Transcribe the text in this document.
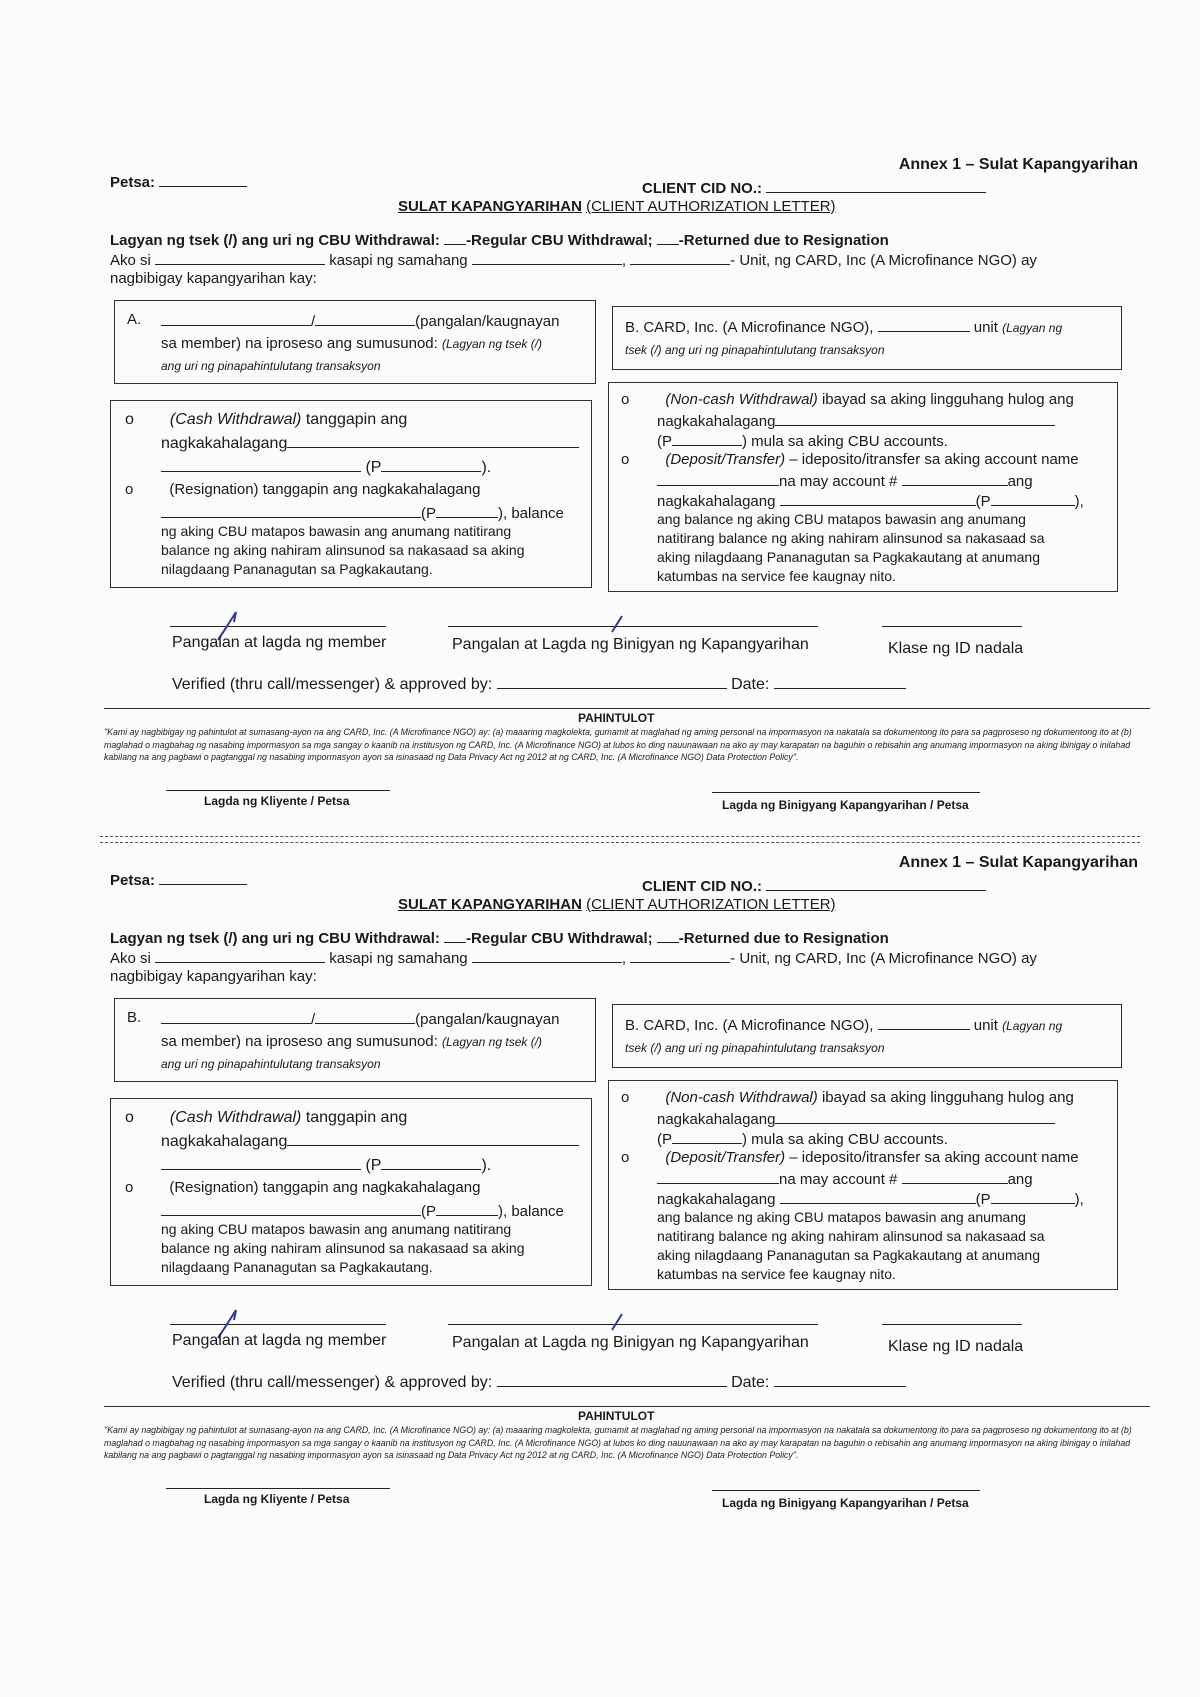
Annex 1 – Sulat Kapangyarihan
Petsa:	CLIENT CID NO.:
SULAT KAPANGYARIHAN (CLIENT AUTHORIZATION LETTER)
Lagyan ng tsek (/) ang uri ng CBU Withdrawal: -Regular CBU Withdrawal; -Returned due to Resignation
Ako si	kasapi ng samahang	,	- Unit, ng CARD, Inc (A Microfinance NGO) ay
nagbibigay kapangyarihan kay:
A.	/	(pangalan/kaugnayan
sa member) na iproseso ang sumusunod: (Lagyan ng tsek (/)
ang uri ng pinapahintulutang transaksyon
B. CARD, Inc. (A Microfinance NGO),	unit (Lagyan ng
tsek (/) ang uri ng pinapahintulutang transaksyon
o (Cash Withdrawal) tanggapin ang
nagkakahalagang
(P	).
o (Resignation) tanggapin ang nagkakahalagang
(P	), balance
ng aking CBU matapos bawasin ang anumang natitirang
balance ng aking nahiram alinsunod sa nakasaad sa aking
nilagdaang Pananagutan sa Pagkakautang.
o (Non-cash Withdrawal) ibayad sa aking lingguhang hulog ang
nagkakahalagang
(P	) mula sa aking CBU accounts.
o (Deposit/Transfer) – ideposito/itransfer sa aking account name
na may account #	ang
nagkakahalagang	(P	),
ang balance ng aking CBU matapos bawasin ang anumang
natitirang balance ng aking nahiram alinsunod sa nakasaad sa
aking nilagdaang Pananagutan sa Pagkakautang at anumang
katumbas na service fee kaugnay nito.
Pangalan at lagda ng member	Pangalan at Lagda ng Binigyan ng Kapangyarihan	Klase ng ID nadala
Verified (thru call/messenger) & approved by:	Date:
PAHINTULOT
"Kami ay nagbibigay ng pahintulot at sumasang-ayon na ang CARD, Inc. (A Microfinance NGO) ay: (a) maaaring magkolekta, gumamit at maglahad ng aming personal na impormasyon na nakatala sa dokumentong ito para sa pagproseso ng dokumentong ito at (b) maglahad o magbahag ng nasabing impormasyon sa mga sangay o kaanib na institusyon ng CARD, Inc. (A Microfinance NGO) at lubos ko ding nauunawaan na ako ay may karapatan na baguhin o rebisahin ang anumang impormasyon na aking ibinigay o inilahad kabilang na ang pagbawi o pagtanggal ng nasabing impormasyon ayon sa isinasaad ng Data Privacy Act ng 2012 at ng CARD, Inc. (A Microfinance NGO) Data Protection Policy".
Lagda ng Kliyente / Petsa	Lagda ng Binigyang Kapangyarihan / Petsa
Annex 1 – Sulat Kapangyarihan
Petsa:	CLIENT CID NO.:
SULAT KAPANGYARIHAN (CLIENT AUTHORIZATION LETTER)
Lagyan ng tsek (/) ang uri ng CBU Withdrawal: -Regular CBU Withdrawal; -Returned due to Resignation
Ako si	kasapi ng samahang	,	- Unit, ng CARD, Inc (A Microfinance NGO) ay
nagbibigay kapangyarihan kay:
B.	/	(pangalan/kaugnayan
sa member) na iproseso ang sumusunod: (Lagyan ng tsek (/)
ang uri ng pinapahintulutang transaksyon
B. CARD, Inc. (A Microfinance NGO),	unit (Lagyan ng
tsek (/) ang uri ng pinapahintulutang transaksyon
o (Cash Withdrawal) tanggapin ang
nagkakahalagang
(P	).
o (Resignation) tanggapin ang nagkakahalagang
(P	), balance
ng aking CBU matapos bawasin ang anumang natitirang
balance ng aking nahiram alinsunod sa nakasaad sa aking
nilagdaang Pananagutan sa Pagkakautang.
o (Non-cash Withdrawal) ibayad sa aking lingguhang hulog ang
nagkakahalagang
(P	) mula sa aking CBU accounts.
o (Deposit/Transfer) – ideposito/itransfer sa aking account name
na may account #	ang
nagkakahalagang	(P	),
ang balance ng aking CBU matapos bawasin ang anumang
natitirang balance ng aking nahiram alinsunod sa nakasaad sa
aking nilagdaang Pananagutan sa Pagkakautang at anumang
katumbas na service fee kaugnay nito.
Pangalan at lagda ng member	Pangalan at Lagda ng Binigyan ng Kapangyarihan	Klase ng ID nadala
Verified (thru call/messenger) & approved by:	Date:
PAHINTULOT
"Kami ay nagbibigay ng pahintulot at sumasang-ayon na ang CARD, Inc. (A Microfinance NGO) ay: (a) maaaring magkolekta, gumamit at maglahad ng aming personal na impormasyon na nakatala sa dokumentong ito para sa pagproseso ng dokumentong ito at (b) maglahad o magbahag ng nasabing impormasyon sa mga sangay o kaanib na institusyon ng CARD, Inc. (A Microfinance NGO) at lubos ko ding nauunawaan na ako ay may karapatan na baguhin o rebisahin ang anumang impormasyon na aking ibinigay o inilahad kabilang na ang pagbawi o pagtanggal ng nasabing impormasyon ayon sa isinasaad ng Data Privacy Act ng 2012 at ng CARD, Inc. (A Microfinance NGO) Data Protection Policy".
Lagda ng Kliyente / Petsa	Lagda ng Binigyang Kapangyarihan / Petsa
